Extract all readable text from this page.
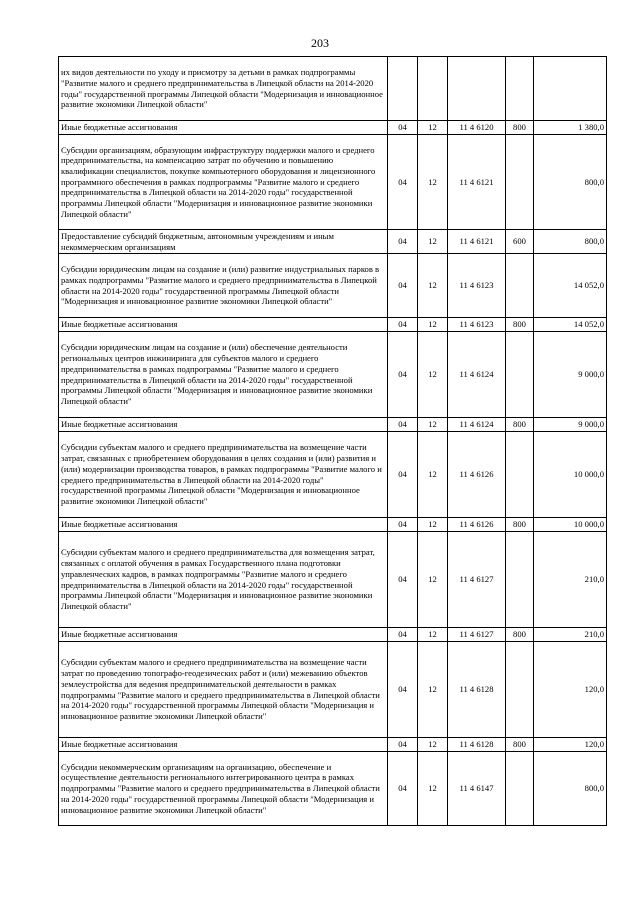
203
их видов деятельности по уходу и присмотру за детьми в рамках подпрограммы "Развитие малого и среднего предпринимательства в Липецкой области на 2014-2020 годы" государственной программы Липецкой области "Модернизация и инновационное развитие экономики Липецкой области"					
Иные бюджетные ассигнования	04	12	11 4 6120	800	1 380,0
Субсидии организациям, образующим инфраструктуру поддержки малого и среднего предпринимательства, на компенсацию затрат по обучению и повышению квалификации специалистов, покупке компьютерного оборудования и лицензионного программного обеспечения в рамках подпрограммы "Развитие малого и среднего предпринимательства в Липецкой области на 2014-2020 годы" государственной программы Липецкой области "Модернизация и инновационное развитие экономики Липецкой области"	04	12	11 4 6121		800,0
Предоставление субсидий бюджетным, автономным учреждениям и иным некоммерческим организациям	04	12	11 4 6121	600	800,0
Субсидии юридическим лицам на создание и (или) развитие индустриальных парков в рамках подпрограммы "Развитие малого и среднего предпринимательства в Липецкой области на 2014-2020 годы" государственной программы Липецкой области "Модернизация и инновационное развитие экономики Липецкой области"	04	12	11 4 6123		14 052,0
Иные бюджетные ассигнования	04	12	11 4 6123	800	14 052,0
Субсидии юридическим лицам на создание и (или) обеспечение деятельности региональных центров инжиниринга для субъектов малого и среднего предпринимательства в рамках подпрограммы "Развитие малого и среднего предпринимательства в Липецкой области на 2014-2020 годы" государственной программы Липецкой области "Модернизация и инновационное развитие экономики Липецкой области"	04	12	11 4 6124		9 000,0
Иные бюджетные ассигнования	04	12	11 4 6124	800	9 000,0
Субсидии субъектам малого и среднего предпринимательства на возмещение части затрат, связанных с приобретением оборудования в целях создания и (или) развития и (или) модернизации производства товаров, в рамках подпрограммы "Развитие малого и среднего предпринимательства в Липецкой области на 2014-2020 годы" государственной программы Липецкой области "Модернизация и инновационное развитие экономики Липецкой области"	04	12	11 4 6126		10 000,0
Иные бюджетные ассигнования	04	12	11 4 6126	800	10 000,0
Субсидии субъектам малого и среднего предпринимательства для возмещения затрат, связанных с оплатой обучения в рамках Государственного плана подготовки управленческих кадров, в рамках подпрограммы "Развитие малого и среднего предпринимательства в Липецкой области на 2014-2020 годы" государственной программы Липецкой области "Модернизация и инновационное развитие экономики Липецкой области"	04	12	11 4 6127		210,0
Иные бюджетные ассигнования	04	12	11 4 6127	800	210,0
Субсидии субъектам малого и среднего предпринимательства на возмещение части затрат по проведению топографо-геодезических работ и (или) межеванию объектов землеустройства для ведения предпринимательской деятельности в рамках подпрограммы "Развитие малого и среднего предпринимательства в Липецкой области на 2014-2020 годы" государственной программы Липецкой области "Модернизация и инновационное развитие экономики Липецкой области"	04	12	11 4 6128		120,0
Иные бюджетные ассигнования	04	12	11 4 6128	800	120,0
Субсидии некоммерческим организациям на организацию, обеспечение и осуществление деятельности регионального интегрированного центра в рамках подпрограммы "Развитие малого и среднего предпринимательства в Липецкой области на 2014-2020 годы" государственной программы Липецкой области "Модернизация и инновационное развитие экономики Липецкой области"	04	12	11 4 6147		800,0
